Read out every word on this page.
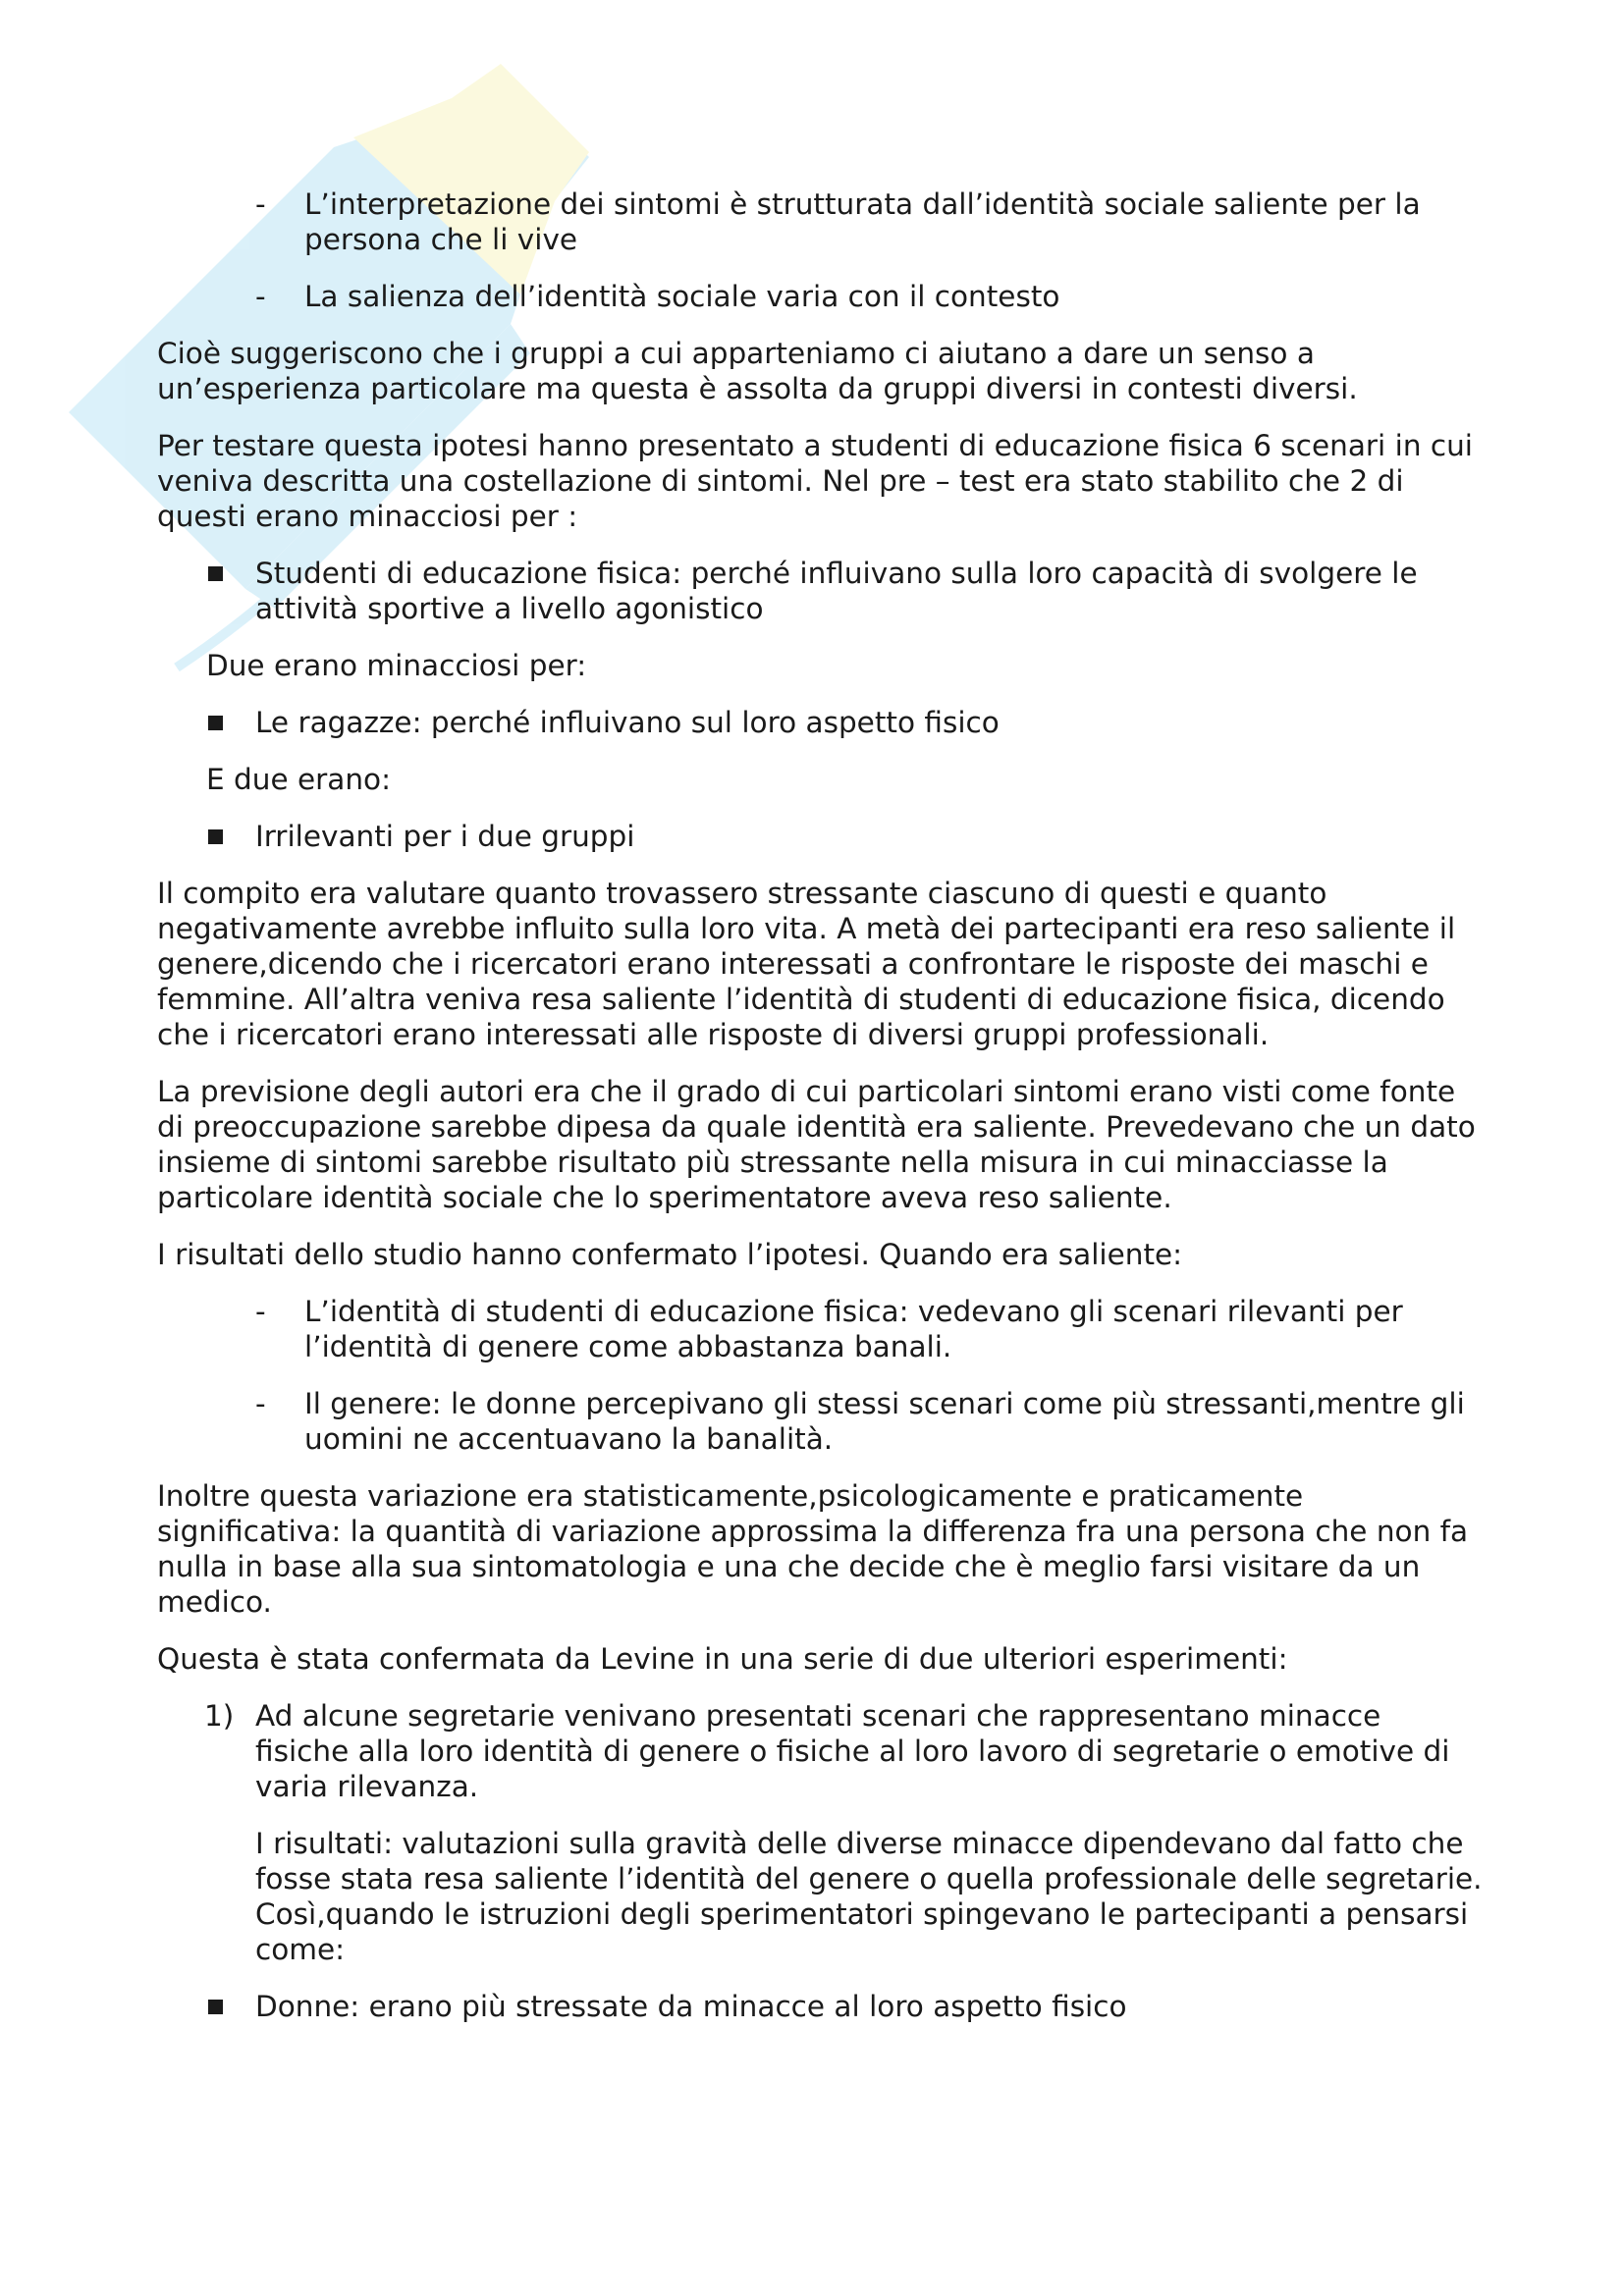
- L’interpretazione dei sintomi è strutturata dall’identità sociale saliente per la persona che li vive

- La salienza dell’identità sociale varia con il contesto

Cioè suggeriscono che i gruppi a cui apparteniamo ci aiutano a dare un senso a un’esperienza particolare ma questa è assolta da gruppi diversi in contesti diversi.
Per testare questa ipotesi hanno presentato a studenti di educazione fisica 6 scenari in cui veniva descritta una costellazione di sintomi. Nel pre – test era stato stabilito che 2 di questi erano minacciosi per :

Studenti di educazione fisica: perché influivano sulla loro capacità di svolgere le attività sportive a livello agonistico

Due erano minacciosi per:

Le ragazze: perché influivano sul loro aspetto fisico

E due erano:

Irrilevanti per i due gruppi

Il compito era valutare quanto trovassero stressante ciascuno di questi e quanto negativamente avrebbe influito sulla loro vita. A metà dei partecipanti era reso saliente il genere,dicendo che i ricercatori erano interessati a confrontare le risposte dei maschi e femmine. All’altra veniva resa saliente l’identità di studenti di educazione fisica, dicendo che i ricercatori erano interessati alle risposte di diversi gruppi professionali.
La previsione degli autori era che il grado di cui particolari sintomi erano visti come fonte di preoccupazione sarebbe dipesa da quale identità era saliente. Prevedevano che un dato insieme di sintomi sarebbe risultato più stressante nella misura in cui minacciasse la particolare identità sociale che lo sperimentatore aveva reso saliente.
I risultati dello studio hanno confermato l’ipotesi. Quando era saliente:
- L’identità di studenti di educazione fisica: vedevano gli scenari rilevanti per l’identità di genere come abbastanza banali.

- Il genere: le donne percepivano gli stessi scenari come più stressanti,mentre gli uomini ne accentuavano la banalità.

Inoltre questa variazione era statisticamente,psicologicamente e praticamente significativa: la quantità di variazione approssima la differenza fra una persona che non fa nulla in base alla sua sintomatologia e una che decide che è meglio farsi visitare da un medico.
Questa è stata confermata da Levine in una serie di due ulteriori esperimenti:
1) Ad alcune segretarie venivano presentati scenari che rappresentano minacce fisiche alla loro identità di genere o fisiche al loro lavoro di segretarie o emotive di varia rilevanza.

I risultati: valutazioni sulla gravità delle diverse minacce dipendevano dal fatto che fosse stata resa saliente l’identità del genere o quella professionale delle segretarie. Così,quando le istruzioni degli sperimentatori spingevano le partecipanti a pensarsi come:

Donne: erano più stressate da minacce al loro aspetto fisico
